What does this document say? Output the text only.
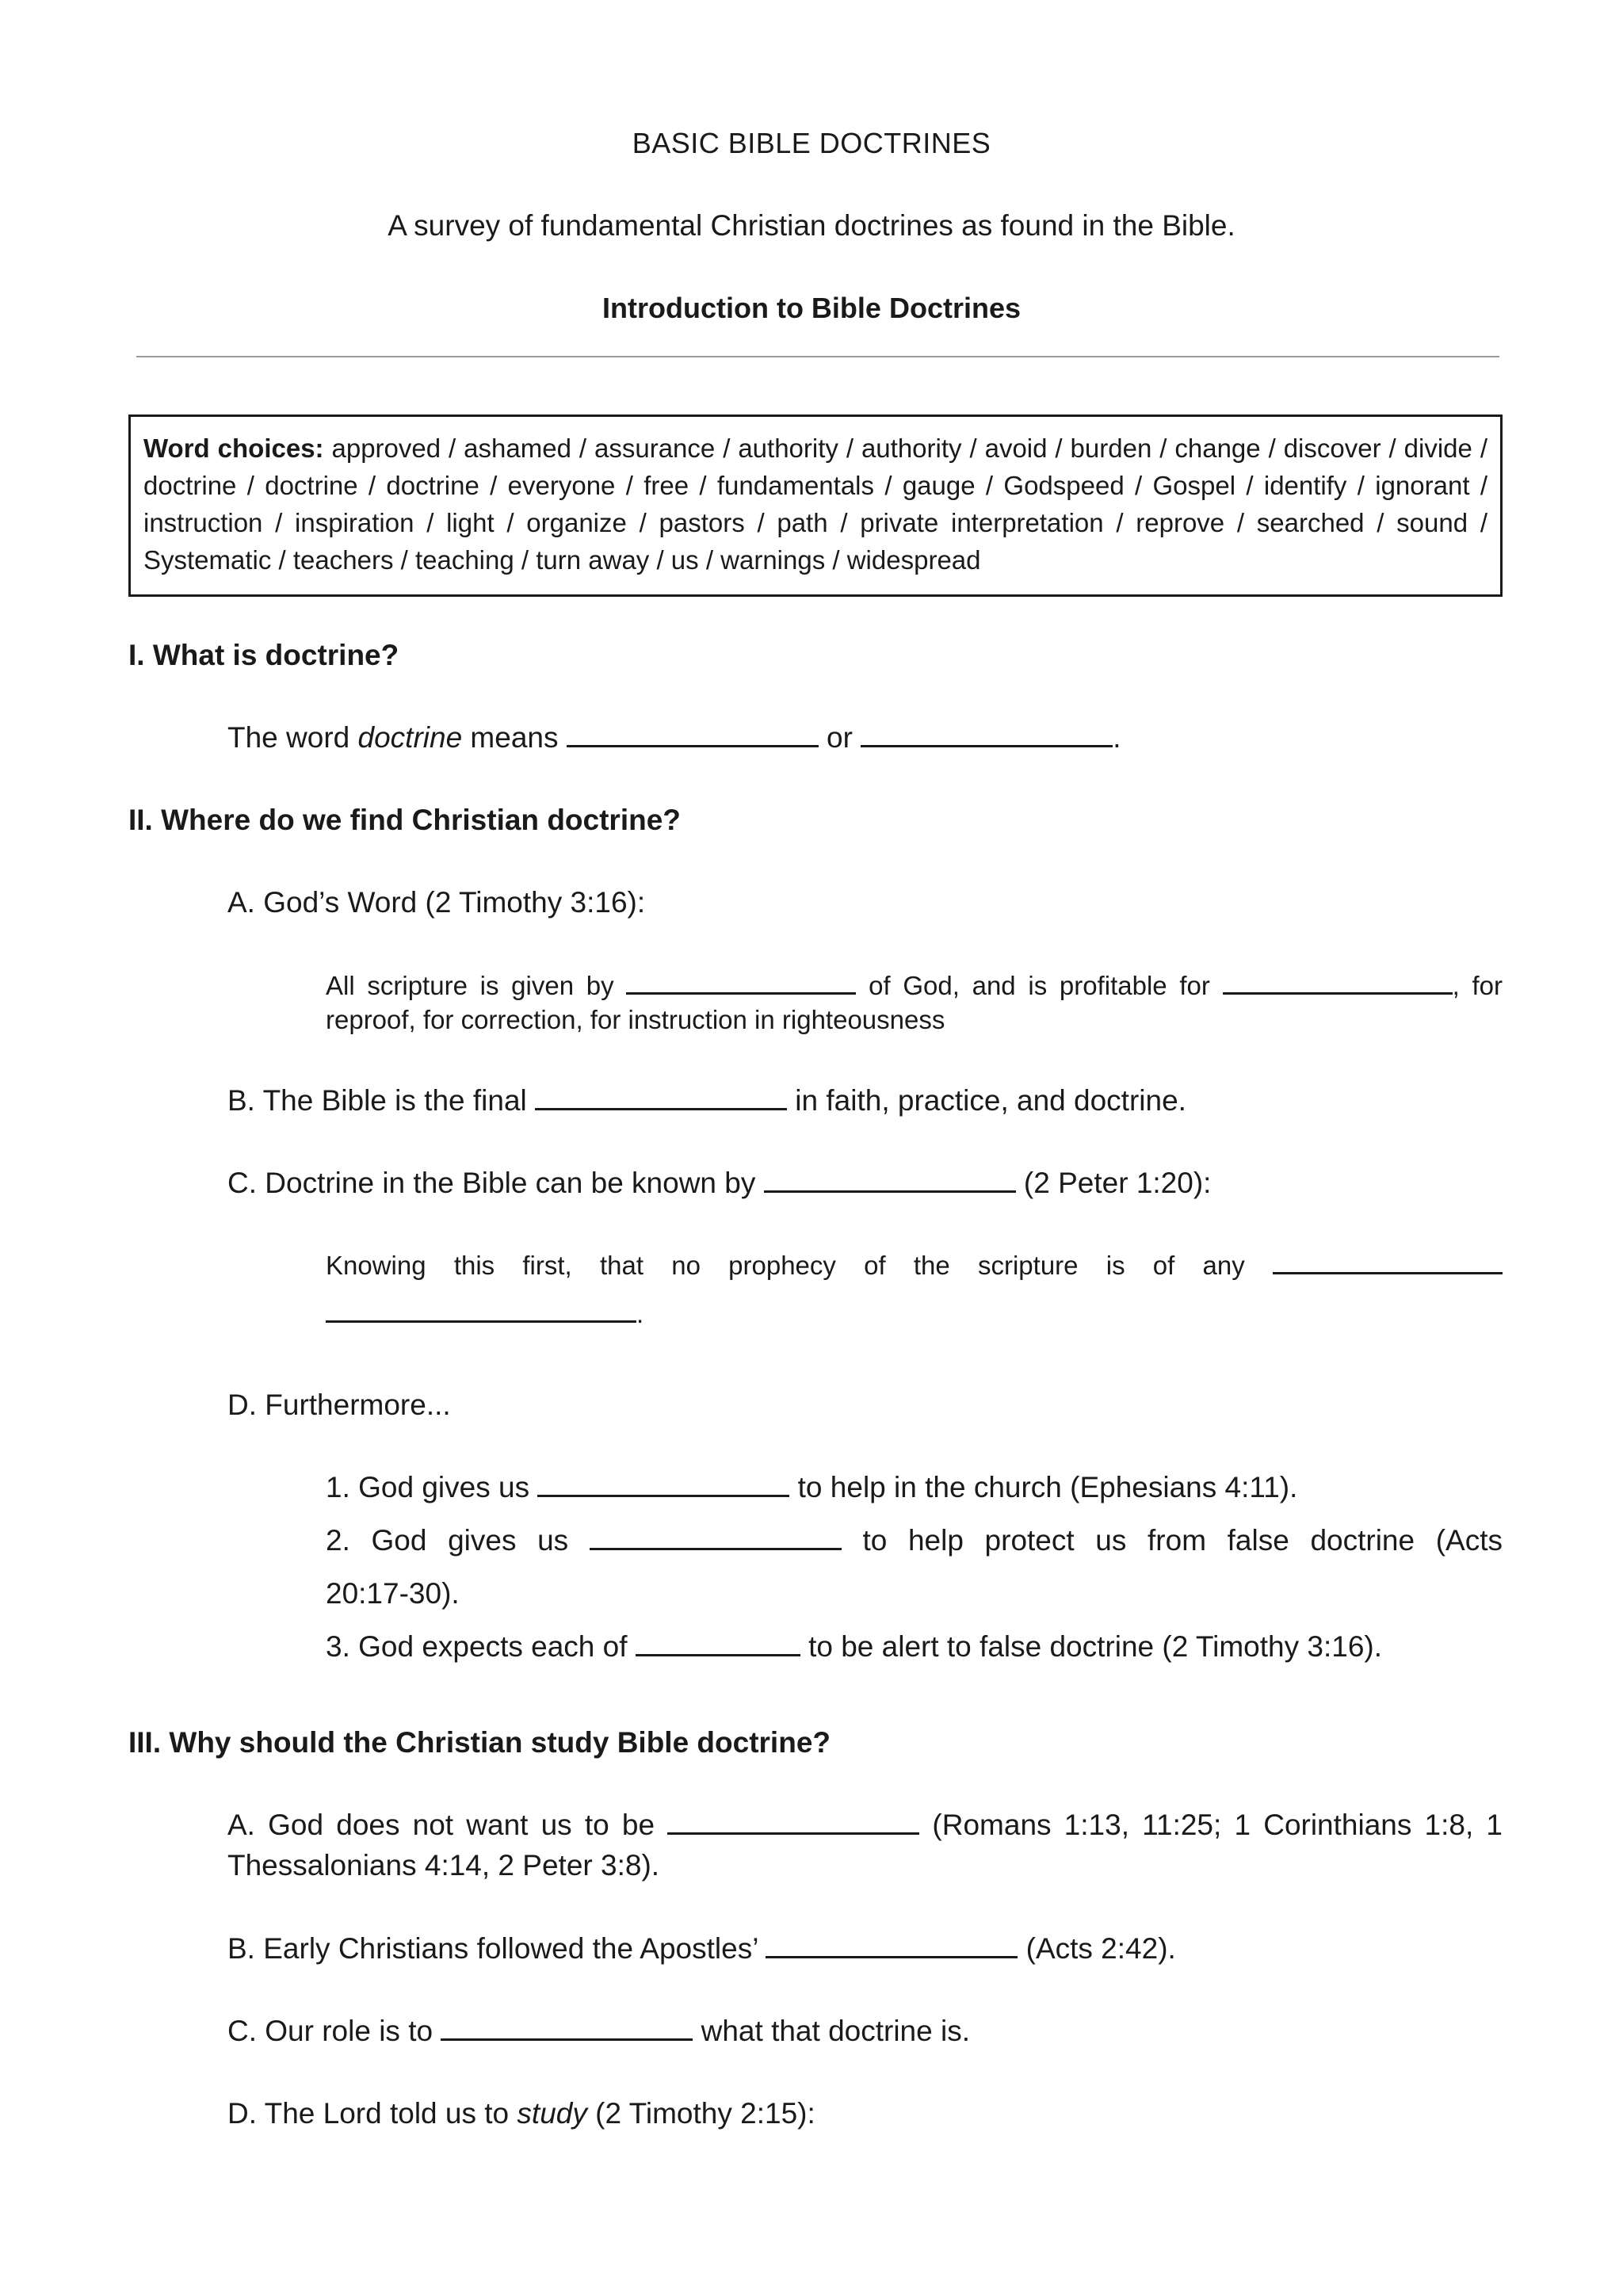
BASIC BIBLE DOCTRINES
A survey of fundamental Christian doctrines as found in the Bible.
Introduction to Bible Doctrines
Word choices: approved / ashamed / assurance / authority / authority / avoid / burden / change / discover / divide / doctrine / doctrine / doctrine / everyone / free / fundamentals / gauge / Godspeed / Gospel / identify / ignorant / instruction / inspiration / light / organize / pastors / path / private interpretation / reprove / searched / sound / Systematic / teachers / teaching / turn away / us / warnings / widespread
I. What is doctrine?
The word doctrine means	or	.
II. Where do we find Christian doctrine?
A. God’s Word (2 Timothy 3:16):
All scripture is given by	of God, and is profitable for	, for
reproof, for correction, for instruction in righteousness
B. The Bible is the final	in faith, practice, and doctrine.
C. Doctrine in the Bible can be known by	(2 Peter 1:20):
Knowing this first, that no prophecy of the scripture is of any
.
D. Furthermore...
1. God gives us	to help in the church (Ephesians 4:11).
2. God gives us	to help protect us from false doctrine (Acts
20:17-30).
3. God expects each of	to be alert to false doctrine (2 Timothy 3:16).
III. Why should the Christian study Bible doctrine?
A. God does not want us to be	(Romans 1:13, 11:25; 1 Corinthians 1:8, 1
Thessalonians 4:14, 2 Peter 3:8).
B. Early Christians followed the Apostles’	(Acts 2:42).
C. Our role is to	what that doctrine is.
D. The Lord told us to study (2 Timothy 2:15):
